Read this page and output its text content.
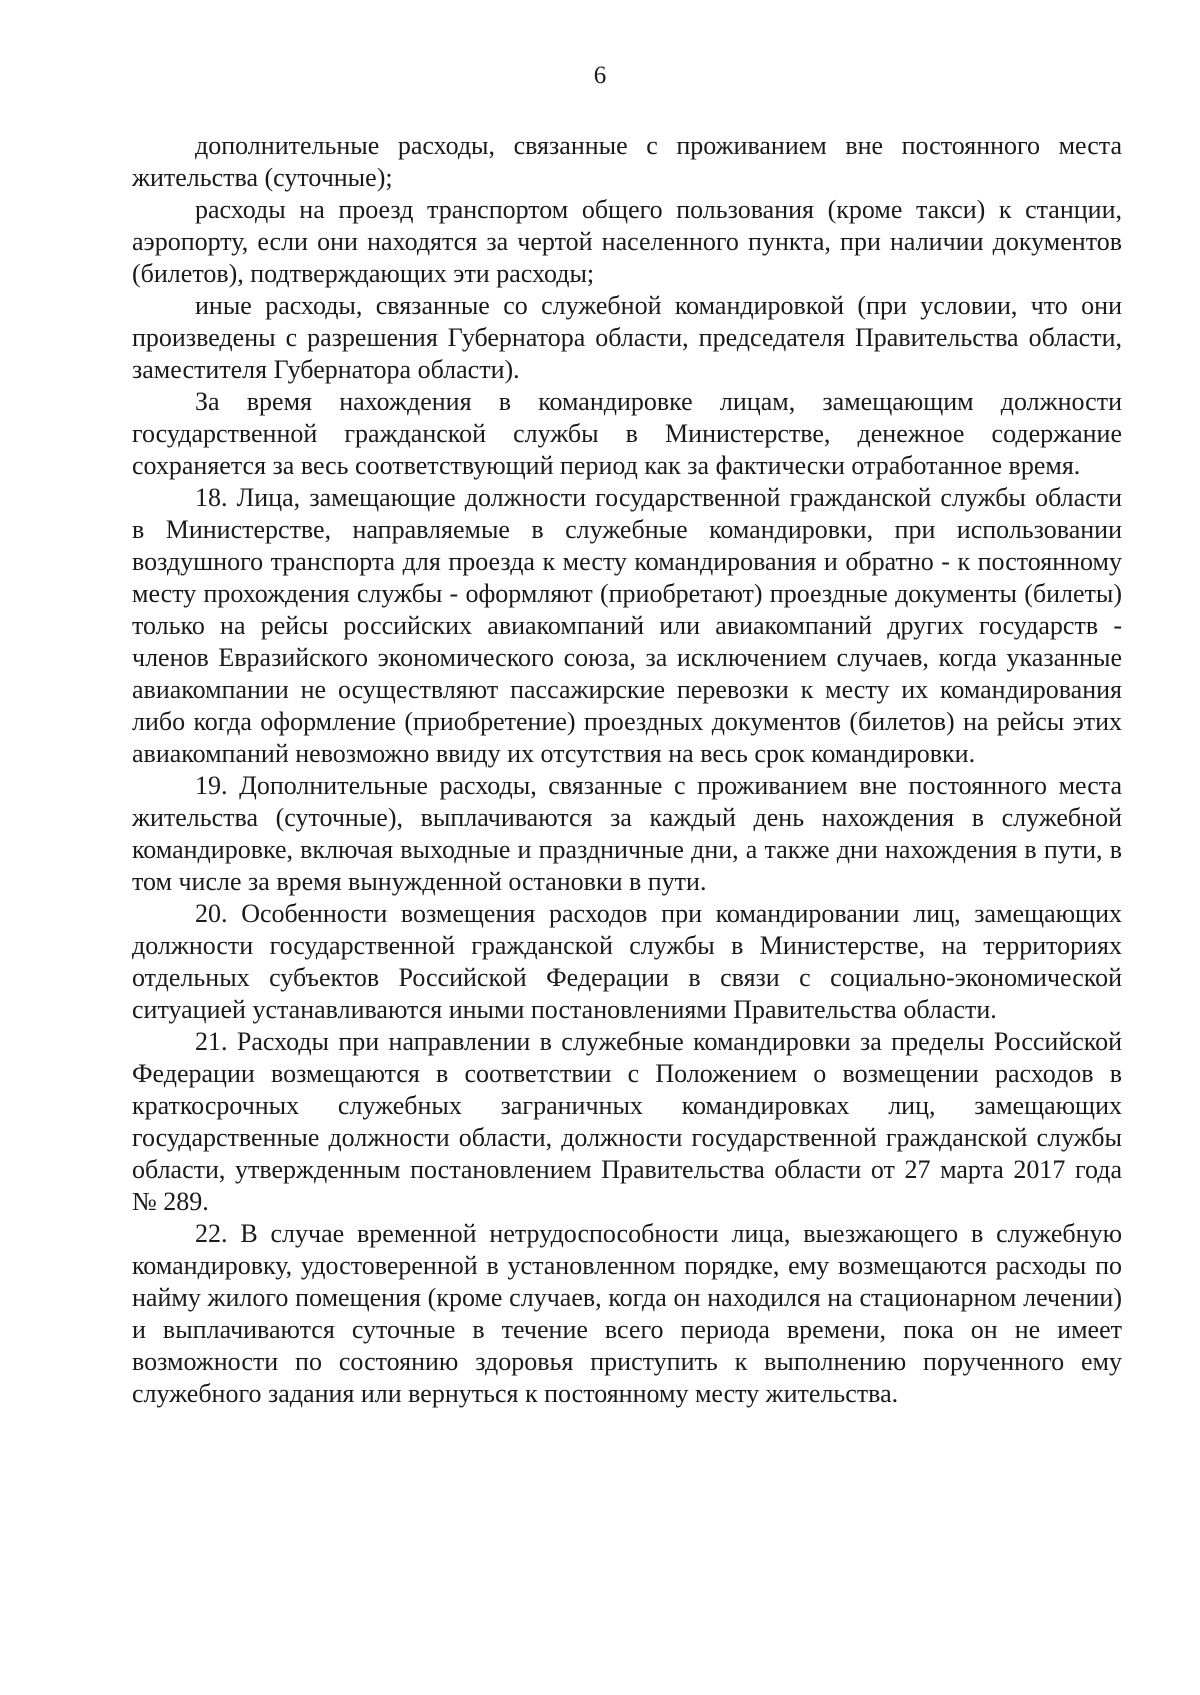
6

дополнительные расходы, связанные с проживанием вне постоянного места жительства (суточные);

расходы на проезд транспортом общего пользования (кроме такси) к станции, аэропорту, если они находятся за чертой населенного пункта, при наличии документов (билетов), подтверждающих эти расходы;

иные расходы, связанные со служебной командировкой (при условии, что они произведены с разрешения Губернатора области, председателя Правительства области, заместителя Губернатора области).

За время нахождения в командировке лицам, замещающим должности государственной гражданской службы в Министерстве, денежное содержание сохраняется за весь соответствующий период как за фактически отработанное время.

18. Лица, замещающие должности государственной гражданской службы области в Министерстве, направляемые в служебные командировки, при использовании воздушного транспорта для проезда к месту командирования и обратно - к постоянному месту прохождения службы - оформляют (приобретают) проездные документы (билеты) только на рейсы российских авиакомпаний или авиакомпаний других государств - членов Евразийского экономического союза, за исключением случаев, когда указанные авиакомпании не осуществляют пассажирские перевозки к месту их командирования либо когда оформление (приобретение) проездных документов (билетов) на рейсы этих авиакомпаний невозможно ввиду их отсутствия на весь срок командировки.

19. Дополнительные расходы, связанные с проживанием вне постоянного места жительства (суточные), выплачиваются за каждый день нахождения в служебной командировке, включая выходные и праздничные дни, а также дни нахождения в пути, в том числе за время вынужденной остановки в пути.

20. Особенности возмещения расходов при командировании лиц, замещающих должности государственной гражданской службы в Министерстве, на территориях отдельных субъектов Российской Федерации в связи с социально-экономической ситуацией устанавливаются иными постановлениями Правительства области.

21. Расходы при направлении в служебные командировки за пределы Российской Федерации возмещаются в соответствии с Положением о возмещении расходов в краткосрочных служебных заграничных командировках лиц, замещающих государственные должности области, должности государственной гражданской службы области, утвержденным постановлением Правительства области от 27 марта 2017 года № 289.

22. В случае временной нетрудоспособности лица, выезжающего в служебную командировку, удостоверенной в установленном порядке, ему возмещаются расходы по найму жилого помещения (кроме случаев, когда он находился на стационарном лечении) и выплачиваются суточные в течение всего периода времени, пока он не имеет возможности по состоянию здоровья приступить к выполнению порученного ему служебного задания или вернуться к постоянному месту жительства.
